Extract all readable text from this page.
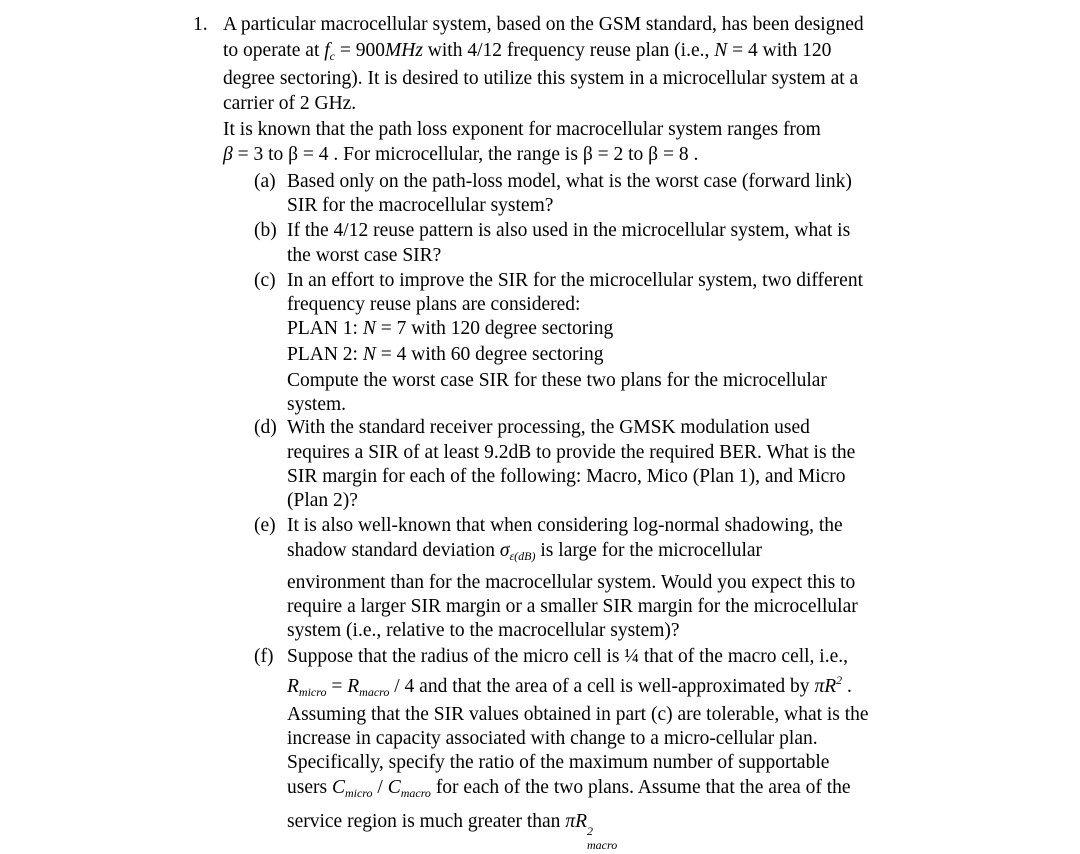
1. A particular macrocellular system, based on the GSM standard, has been designed
to operate at $f_c = 900MHz$ with 4/12 frequency reuse plan (i.e., N = 4 with 120
degree sectoring). It is desired to utilize this system in a microcellular system at a
carrier of 2 GHz.
It is known that the path loss exponent for macrocellular system ranges from
β = 3 to β = 4 . For microcellular, the range is β = 2 to β = 8 .
(a) Based only on the path-loss model, what is the worst case (forward link)
SIR for the macrocellular system?
(b) If the 4/12 reuse pattern is also used in the microcellular system, what is
the worst case SIR?
(c) In an effort to improve the SIR for the microcellular system, two different
frequency reuse plans are considered:
PLAN 1: N = 7 with 120 degree sectoring
PLAN 2: N = 4 with 60 degree sectoring
Compute the worst case SIR for these two plans for the microcellular
system.
(d) With the standard receiver processing, the GMSK modulation used
requires a SIR of at least 9.2dB to provide the required BER. What is the
SIR margin for each of the following: Macro, Mico (Plan 1), and Micro
(Plan 2)?
(e) It is also well-known that when considering log-normal shadowing, the
shadow standard deviation $\sigma_{\varepsilon(dB)}$ is large for the microcellular
environment than for the macrocellular system. Would you expect this to
require a larger SIR margin or a smaller SIR margin for the microcellular
system (i.e., relative to the macrocellular system)?
(f) Suppose that the radius of the micro cell is ¼ that of the macro cell, i.e.,
$R_{micro} = R_{macro} / 4$ and that the area of a cell is well-approximated by $\pi R^2$ .
Assuming that the SIR values obtained in part (c) are tolerable, what is the
increase in capacity associated with change to a micro-cellular plan.
Specifically, specify the ratio of the maximum number of supportable
users $C_{micro} / C_{macro}$ for each of the two plans. Assume that the area of the
service region is much greater than πR 2
macro
